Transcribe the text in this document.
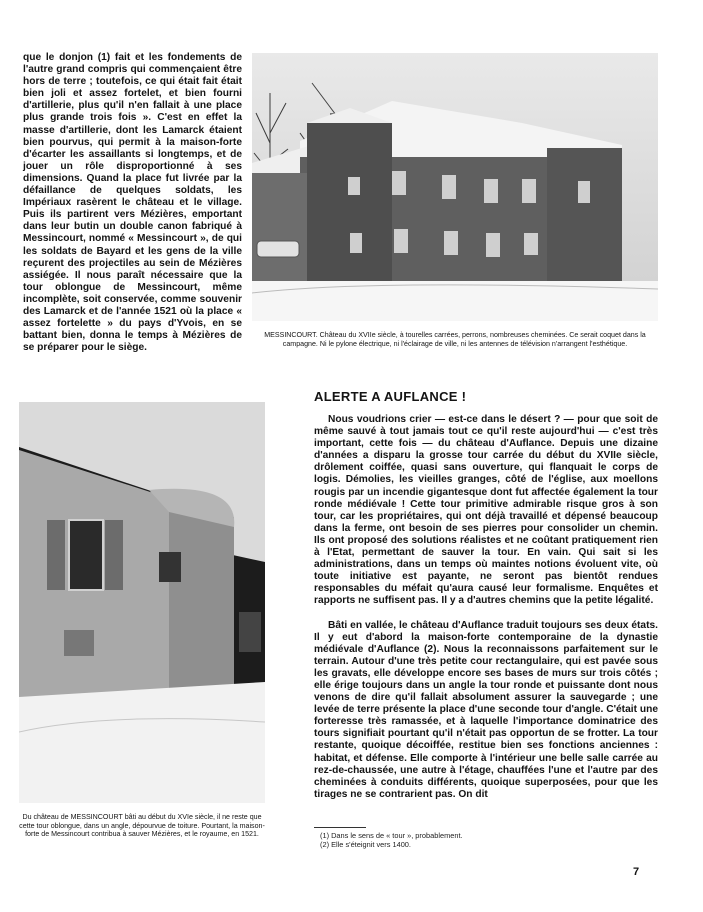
que le donjon (1) fait et les fondements de l'autre grand compris qui commençaient être hors de terre ; toutefois, ce qui était fait était bien joli et assez fortelet, et bien fourni d'artillerie, plus qu'il n'en fallait à une place plus grande trois fois ». C'est en effet la masse d'artillerie, dont les Lamarck étaient bien pourvus, qui permit à la maison-forte d'écarter les assaillants si longtemps, et de jouer un rôle disproportionné à ses dimensions. Quand la place fut livrée par la défaillance de quelques soldats, les Impériaux rasèrent le château et le village. Puis ils partirent vers Mézières, emportant dans leur butin un double canon fabriqué à Messincourt, nommé « Messincourt », de qui les soldats de Bayard et les gens de la ville reçurent des projectiles au sein de Mézières assiégée. Il nous paraît nécessaire que la tour oblongue de Messincourt, même incomplète, soit conservée, comme souvenir des Lamarck et de l'année 1521 où la place « assez fortelette » du pays d'Yvois, en se battant bien, donna le temps à Mézières de se préparer pour le siège.

MESSINCOURT. Château du XVIIe siècle, à tourelles carrées, perrons, nombreuses cheminées. Ce serait coquet dans la campagne. Ni le pylone électrique, ni l'éclairage de ville, ni les antennes de télévision n'arrangent l'esthétique.

Du château de MESSINCOURT bâti au début du XVIe siècle, il ne reste que cette tour oblongue, dans un angle, dépourvue de toiture. Pourtant, la maison-forte de Messincourt contribua à sauver Mézières, et le royaume, en 1521.

ALERTE A AUFLANCE !

Nous voudrions crier — est-ce dans le désert ? — pour que soit de même sauvé à tout jamais tout ce qu'il reste aujourd'hui — c'est très important, cette fois — du château d'Auflance. Depuis une dizaine d'années a disparu la grosse tour carrée du début du XVIIe siècle, drôlement coiffée, quasi sans ouverture, qui flanquait le corps de logis. Démolies, les vieilles granges, côté de l'église, aux moellons rougis par un incendie gigantesque dont fut affectée également la tour ronde médiévale ! Cette tour primitive admirable risque gros à son tour, car les propriétaires, qui ont déjà travaillé et dépensé beaucoup dans la ferme, ont besoin de ses pierres pour consolider un chemin. Ils ont proposé des solutions réalistes et ne coûtant pratiquement rien à l'Etat, permettant de sauver la tour. En vain. Qui sait si les administrations, dans un temps où maintes notions évoluent vite, où toute initiative est payante, ne seront pas bientôt rendues responsables du méfait qu'aura causé leur formalisme. Enquêtes et rapports ne suffisent pas. Il y a d'autres chemins que la petite légalité.

Bâti en vallée, le château d'Auflance traduit toujours ses deux états. Il y eut d'abord la maison-forte contemporaine de la dynastie médiévale d'Auflance (2). Nous la reconnaissons parfaitement sur le terrain. Autour d'une très petite cour rectangulaire, qui est pavée sous les gravats, elle développe encore ses bases de murs sur trois côtés ; elle érige toujours dans un angle la tour ronde et puissante dont nous venons de dire qu'il fallait absolument assurer la sauvegarde ; une levée de terre présente la place d'une seconde tour d'angle. C'était une forteresse très ramassée, et à laquelle l'importance dominatrice des tours signifiait pourtant qu'il n'était pas opportun de se frotter. La tour restante, quoique décoiffée, restitue bien ses fonctions anciennes : habitat, et défense. Elle comporte à l'intérieur une belle salle carrée au rez-de-chaussée, une autre à l'étage, chauffées l'une et l'autre par des cheminées à conduits différents, quoique superposées, pour que les tirages ne se contrarient pas. On dit

(1) Dans le sens de « tour », probablement.
(2) Elle s'éteignit vers 1400.
7
